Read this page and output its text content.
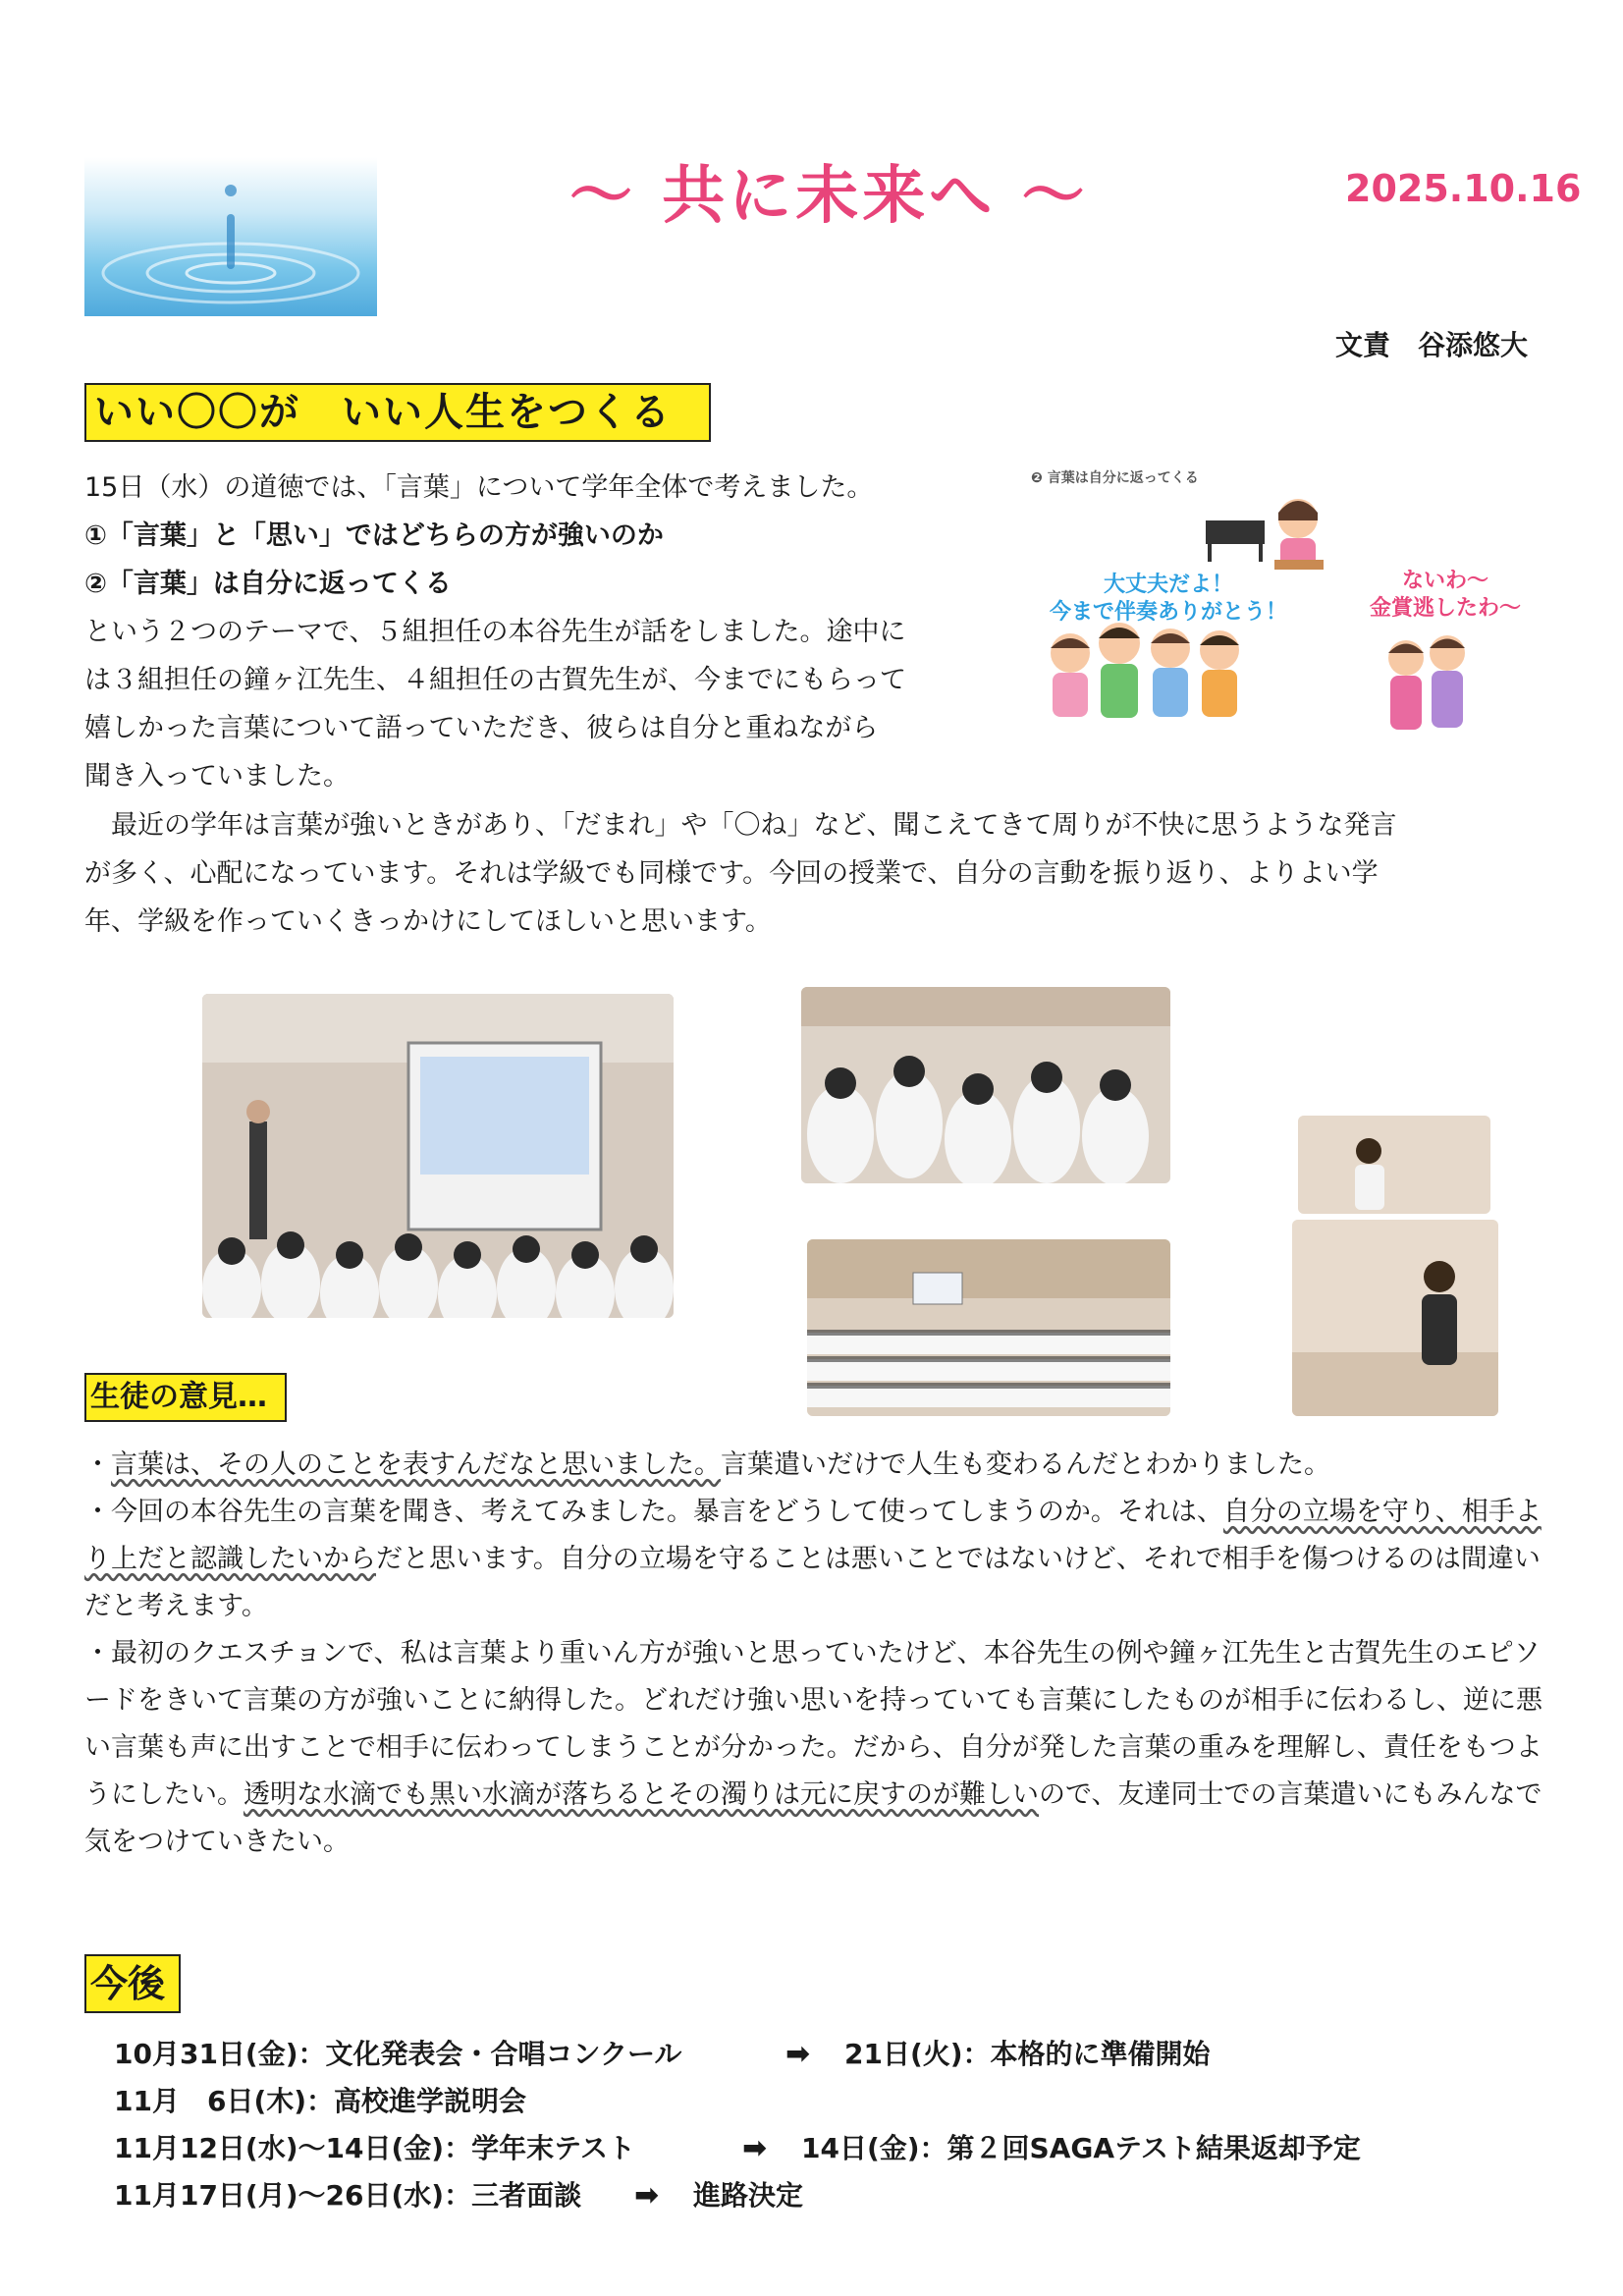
～ 共に未来へ ～	2025.10.16
文責　谷添悠大
いい〇〇が　いい人生をつくる
15日（水）の道徳では、「言葉」について学年全体で考えました。
①「言葉」と「思い」ではどちらの方が強いのか
②「言葉」は自分に返ってくる
という２つのテーマで、５組担任の本谷先生が話をしました。途中に
は３組担任の鐘ヶ江先生、４組担任の古賀先生が、今までにもらって
嬉しかった言葉について語っていただき、彼らは自分と重ねながら
聞き入っていました。
❷ 言葉は自分に返ってくる
大丈夫だよ！
今まで伴奏ありがとう！
ないわ～
金賞逃したわ～
　最近の学年は言葉が強いときがあり、「だまれ」や「〇ね」など、聞こえてきて周りが不快に思うような発言
が多く、心配になっています。それは学級でも同様です。今回の授業で、自分の言動を振り返り、よりよい学
年、学級を作っていくきっかけにしてほしいと思います。
生徒の意見…

・言葉は、その人のことを表すんだなと思いました。言葉遣いだけで人生も変わるんだとわかりました。

・今回の本谷先生の言葉を聞き、考えてみました。暴言をどうして使ってしまうのか。それは、自分の立場を守り、相手より上だと認識したいからだと思います。自分の立場を守ることは悪いことではないけど、それで相手を傷つけるのは間違いだと考えます。

・最初のクエスチョンで、私は言葉より重いん方が強いと思っていたけど、本谷先生の例や鐘ヶ江先生と古賀先生のエピソードをきいて言葉の方が強いことに納得した。どれだけ強い思いを持っていても言葉にしたものが相手に伝わるし、逆に悪い言葉も声に出すことで相手に伝わってしまうことが分かった。だから、自分が発した言葉の重みを理解し、責任をもつようにしたい。透明な水滴でも黒い水滴が落ちるとその濁りは元に戻すのが難しいので、友達同士での言葉遣いにもみんなで気をつけていきたい。

今後
10月31日(金)：文化発表会・合唱コンクール	➡ 21日(火)：本格的に準備開始
11月　6日(木)：高校進学説明会
11月12日(水)～14日(金)：学年末テスト	➡ 14日(金)：第２回SAGAテスト結果返却予定
11月17日(月)～26日(水)：三者面談 ➡ 進路決定
